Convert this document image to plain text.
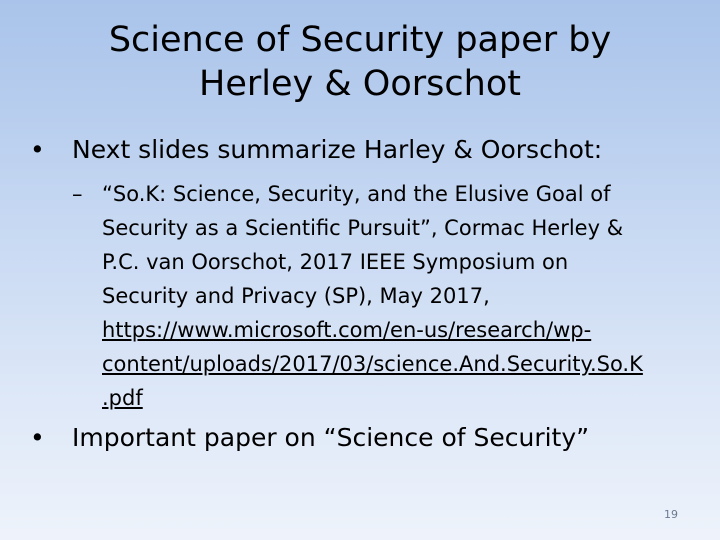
Science of Security paper by
Herley & Oorschot
• Next slides summarize Harley & Oorschot:
– “So.K: Science, Security, and the Elusive Goal of
Security as a Scientific Pursuit”, Cormac Herley &
P.C. van Oorschot, 2017 IEEE Symposium on
Security and Privacy (SP), May 2017,
https://www.microsoft.com/en-us/research/wp-
content/uploads/2017/03/science.And.Security.So.K
.pdf
• Important paper on “Science of Security”
19
